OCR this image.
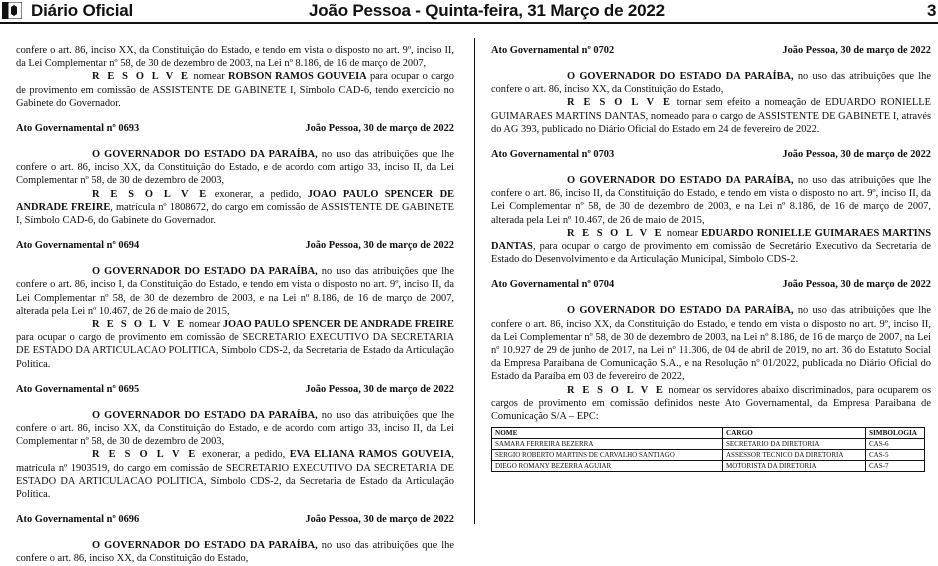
Diário Oficial	João Pessoa - Quinta-feira, 31 Março de 2022	3

confere o art. 86, inciso XX, da Constituição do Estado, e tendo em vista o disposto no art. 9º, inciso II, da Lei Complementar nº 58, de 30 de dezembro de 2003, na Lei nº 8.186, de 16 de março de 2007,

R E S O L V E nomear ROBSON RAMOS GOUVEIA para ocupar o cargo de provimento em comissão de ASSISTENTE DE GABINETE I, Símbolo CAD-6, tendo exercício no Gabinete do Governador.

Ato Governamental nº 0693	João Pessoa, 30 de março de 2022

O GOVERNADOR DO ESTADO DA PARAÍBA, no uso das atribuições que lhe confere o art. 86, inciso XX, da Constituição do Estado, e de acordo com artigo 33, inciso II, da Lei Complementar nº 58, de 30 de dezembro de 2003,

R E S O L V E exonerar, a pedido, JOAO PAULO SPENCER DE ANDRADE FREIRE, matrícula nº 1808672, do cargo em comissão de ASSISTENTE DE GABINETE I, Símbolo CAD-6, do Gabinete do Governador.

Ato Governamental nº 0694	João Pessoa, 30 de março de 2022

O GOVERNADOR DO ESTADO DA PARAÍBA, no uso das atribuições que lhe confere o art. 86, inciso I, da Constituição do Estado, e tendo em vista o disposto no art. 9º, inciso II, da Lei Complementar nº 58, de 30 de dezembro de 2003, e na Lei nº 8.186, de 16 de março de 2007, alterada pela Lei nº 10.467, de 26 de maio de 2015,

R E S O L V E nomear JOAO PAULO SPENCER DE ANDRADE FREIRE para ocupar o cargo de provimento em comissão de SECRETARIO EXECUTIVO DA SECRETARIA DE ESTADO DA ARTICULACAO POLITICA, Símbolo CDS-2, da Secretaria de Estado da Articulação Política.

Ato Governamental nº 0695	João Pessoa, 30 de março de 2022

O GOVERNADOR DO ESTADO DA PARAÍBA, no uso das atribuições que lhe confere o art. 86, inciso XX, da Constituição do Estado, e de acordo com artigo 33, inciso II, da Lei Complementar nº 58, de 30 de dezembro de 2003,

R E S O L V E exonerar, a pedido, EVA ELIANA RAMOS GOUVEIA, matrícula nº 1903519, do cargo em comissão de SECRETARIO EXECUTIVO DA SECRETARIA DE ESTADO DA ARTICULACAO POLITICA, Símbolo CDS-2, da Secretaria de Estado da Articulação Política.

Ato Governamental nº 0696	João Pessoa, 30 de março de 2022

O GOVERNADOR DO ESTADO DA PARAÍBA, no uso das atribuições que lhe confere o art. 86, inciso XX, da Constituição do Estado,

Ato Governamental nº 0702	João Pessoa, 30 de março de 2022

O GOVERNADOR DO ESTADO DA PARAÍBA, no uso das atribuições que lhe confere o art. 86, inciso XX, da Constituição do Estado,

R E S O L V E tornar sem efeito a nomeação de EDUARDO RONIELLE GUIMARAES MARTINS DANTAS, nomeado para o cargo de ASSISTENTE DE GABINETE I, através do AG 393, publicado no Diário Oficial do Estado em 24 de fevereiro de 2022.

Ato Governamental nº 0703	João Pessoa, 30 de março de 2022

O GOVERNADOR DO ESTADO DA PARAÍBA, no uso das atribuições que lhe confere o art. 86, inciso II, da Constituição do Estado, e tendo em vista o disposto no art. 9º, inciso II, da Lei Complementar nº 58, de 30 de dezembro de 2003, e na Lei nº 8.186, de 16 de março de 2007, alterada pela Lei nº 10.467, de 26 de maio de 2015,

R E S O L V E nomear EDUARDO RONIELLE GUIMARAES MARTINS DANTAS, para ocupar o cargo de provimento em comissão de Secretário Executivo da Secretaria de Estado do Desenvolvimento e da Articulação Municipal, Símbolo CDS-2.

Ato Governamental nº 0704	João Pessoa, 30 de março de 2022

O GOVERNADOR DO ESTADO DA PARAÍBA, no uso das atribuições que lhe confere o art. 86, inciso XX, da Constituição do Estado, e tendo em vista o disposto no art. 9º, inciso II, da Lei Complementar nº 58, de 30 de dezembro de 2003, na Lei nº 8.186, de 16 de março de 2007, na Lei nº 10.927 de 29 de junho de 2017, na Lei nº 11.306, de 04 de abril de 2019, no art. 36 do Estatuto Social da Empresa Paraibana de Comunicação S.A., e na Resolução nº 01/2022, publicada no Diário Oficial do Estado da Paraíba em 03 de fevereiro de 2022,

R E S O L V E nomear os servidores abaixo discriminados, para ocuparem os cargos de provimento em comissão definidos neste Ato Governamental, da Empresa Paraibana de Comunicação S/A – EPC:

NOME	CARGO	SIMBOLOGIA
SAMARA FERREIRA BEZERRA	SECRETARIO DA DIRETORIA	CAS-6
SERGIO ROBERTO MARTINS DE CARVALHO SANTIAGO	ASSESSOR TECNICO DA DIRETORIA	CAS-5
DIEGO ROMANY BEZERRA AGUIAR	MOTORISTA DA DIRETORIA	CAS-7
